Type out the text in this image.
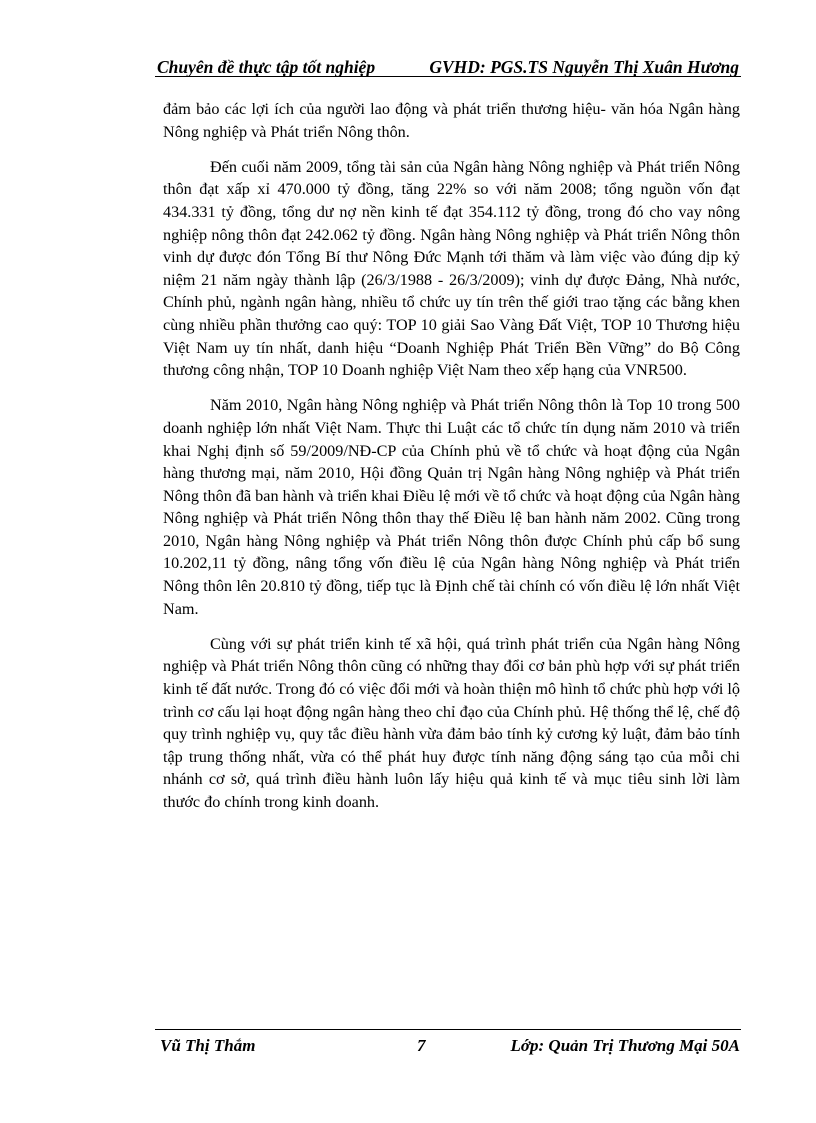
Chuyên đề thực tập tốt nghiệp	GVHD: PGS.TS Nguyễn Thị Xuân Hương

đảm bảo các lợi ích của người lao động và phát triển thương hiệu- văn hóa Ngân hàng Nông nghiệp và Phát triển Nông thôn.

Đến cuối năm 2009, tổng tài sản của Ngân hàng Nông nghiệp và Phát triển Nông thôn đạt xấp xỉ 470.000 tỷ đồng, tăng 22% so với năm 2008; tổng nguồn vốn đạt 434.331 tỷ đồng, tổng dư nợ nền kinh tế đạt 354.112 tỷ đồng, trong đó cho vay nông nghiệp nông thôn đạt 242.062 tỷ đồng. Ngân hàng Nông nghiệp và Phát triển Nông thôn vinh dự được đón Tổng Bí thư Nông Đức Mạnh tới thăm và làm việc vào đúng dịp kỷ niệm 21 năm ngày thành lập (26/3/1988 - 26/3/2009); vinh dự được Đảng, Nhà nước, Chính phủ, ngành ngân hàng, nhiều tổ chức uy tín trên thế giới trao tặng các bằng khen cùng nhiều phần thưởng cao quý: TOP 10 giải Sao Vàng Đất Việt, TOP 10 Thương hiệu Việt Nam uy tín nhất, danh hiệu “Doanh Nghiệp Phát Triển Bền Vững” do Bộ Công thương công nhận, TOP 10 Doanh nghiệp Việt Nam theo xếp hạng của VNR500.

Năm 2010, Ngân hàng Nông nghiệp và Phát triển Nông thôn là Top 10 trong 500 doanh nghiệp lớn nhất Việt Nam. Thực thi Luật các tổ chức tín dụng năm 2010 và triển khai Nghị định số 59/2009/NĐ-CP của Chính phủ về tổ chức và hoạt động của Ngân hàng thương mại, năm 2010, Hội đồng Quản trị Ngân hàng Nông nghiệp và Phát triển Nông thôn đã ban hành và triển khai Điều lệ mới về tổ chức và hoạt động của Ngân hàng Nông nghiệp và Phát triển Nông thôn thay thế Điều lệ ban hành năm 2002. Cũng trong 2010, Ngân hàng Nông nghiệp và Phát triển Nông thôn được Chính phủ cấp bổ sung 10.202,11 tỷ đồng, nâng tổng vốn điều lệ của Ngân hàng Nông nghiệp và Phát triển Nông thôn lên 20.810 tỷ đồng, tiếp tục là Định chế tài chính có vốn điều lệ lớn nhất Việt Nam.

Cùng với sự phát triển kinh tế xã hội, quá trình phát triển của Ngân hàng Nông nghiệp và Phát triển Nông thôn cũng có những thay đổi cơ bản phù hợp với sự phát triển kinh tế đất nước. Trong đó có việc đổi mới và hoàn thiện mô hình tổ chức phù hợp với lộ trình cơ cấu lại hoạt động ngân hàng theo chỉ đạo của Chính phủ. Hệ thống thể lệ, chế độ quy trình nghiệp vụ, quy tắc điều hành vừa đảm bảo tính kỷ cương kỷ luật, đảm bảo tính tập trung thống nhất, vừa có thể phát huy được tính năng động sáng tạo của mỗi chi nhánh cơ sở, quá trình điều hành luôn lấy hiệu quả kinh tế và mục tiêu sinh lời làm thước đo chính trong kinh doanh.

Vũ Thị Thắm	7	Lớp: Quản Trị Thương Mại 50A
